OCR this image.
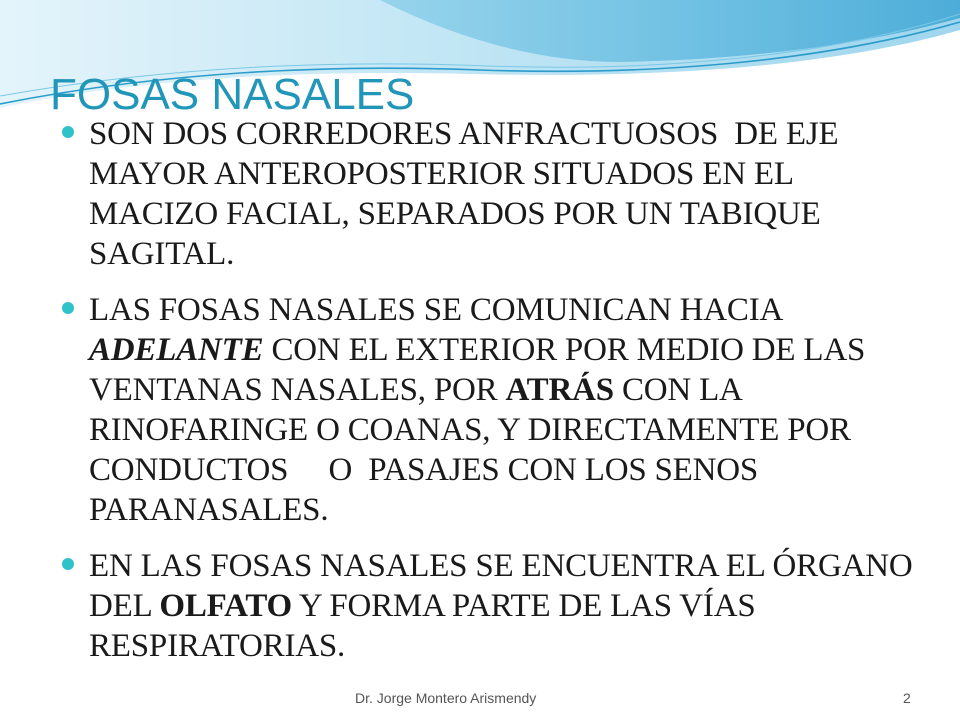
FOSAS NASALES
SON DOS CORREDORES ANFRACTUOSOS  DE EJE MAYOR ANTEROPOSTERIOR SITUADOS EN EL MACIZO FACIAL, SEPARADOS POR UN TABIQUE SAGITAL.
LAS FOSAS NASALES SE COMUNICAN HACIA ADELANTE CON EL EXTERIOR POR MEDIO DE LAS VENTANAS NASALES, POR ATRÁS CON LA RINOFARINGE O COANAS, Y DIRECTAMENTE POR CONDUCTOS     O  PASAJES CON LOS SENOS PARANASALES.
EN LAS FOSAS NASALES SE ENCUENTRA EL ÓRGANO DEL OLFATO Y FORMA PARTE DE LAS VÍAS RESPIRATORIAS.
Dr. Jorge Montero Arismendy	2
